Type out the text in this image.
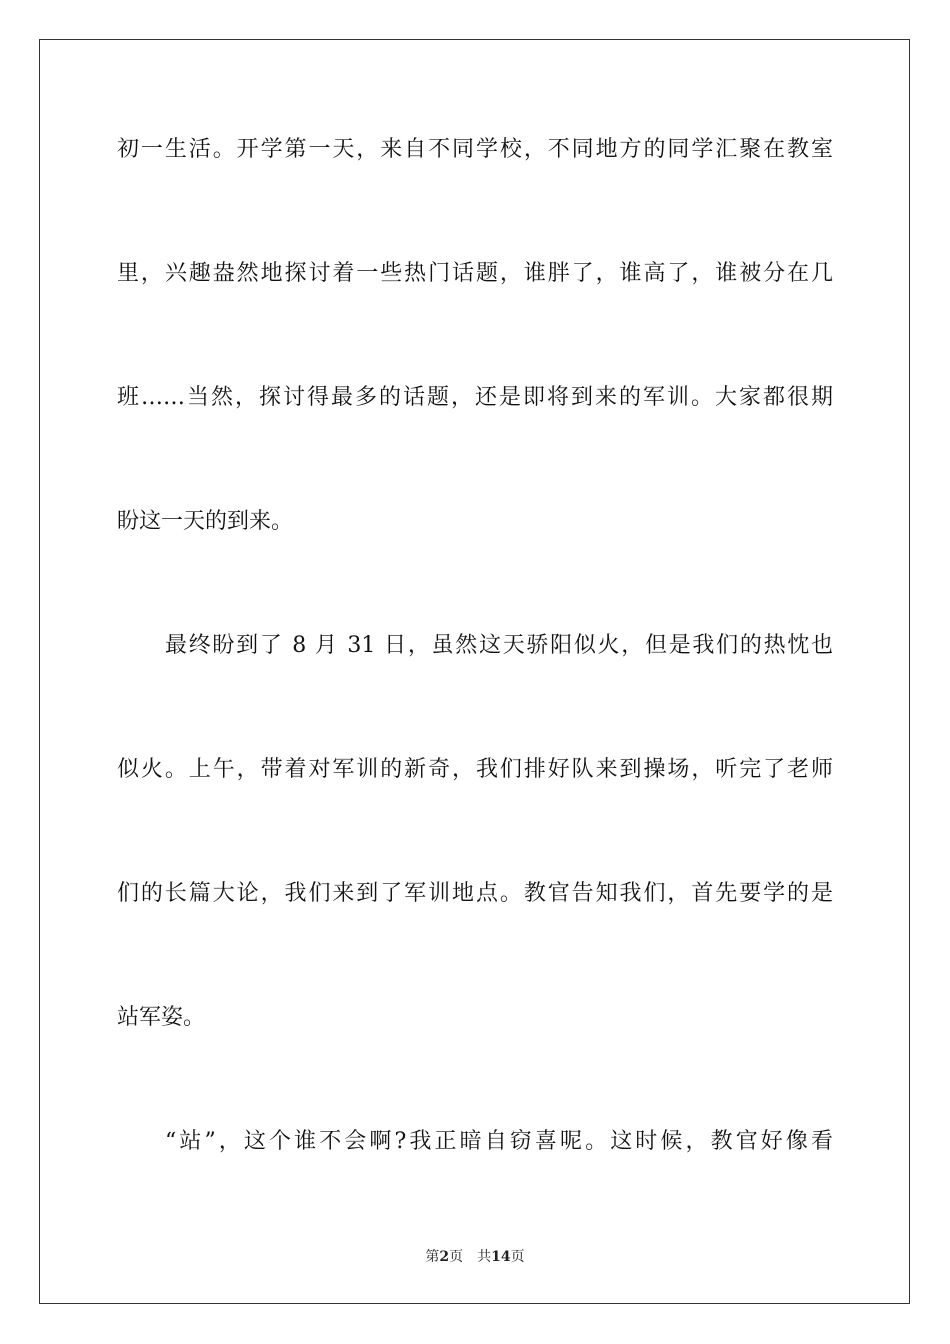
初一生活。开学第一天，来自不同学校，不同地方的同学汇聚在教室
里，兴趣盎然地探讨着一些热门话题，谁胖了，谁高了，谁被分在几
班……当然，探讨得最多的话题，还是即将到来的军训。大家都很期
盼这一天的到来。
最终盼到了 8 月 31 日，虽然这天骄阳似火，但是我们的热忱也
似火。上午，带着对军训的新奇，我们排好队来到操场，听完了老师
们的长篇大论，我们来到了军训地点。教官告知我们，首先要学的是
站军姿。
“站”，这个谁不会啊?我正暗自窃喜呢。这时候，教官好像看
第2页 共14页
